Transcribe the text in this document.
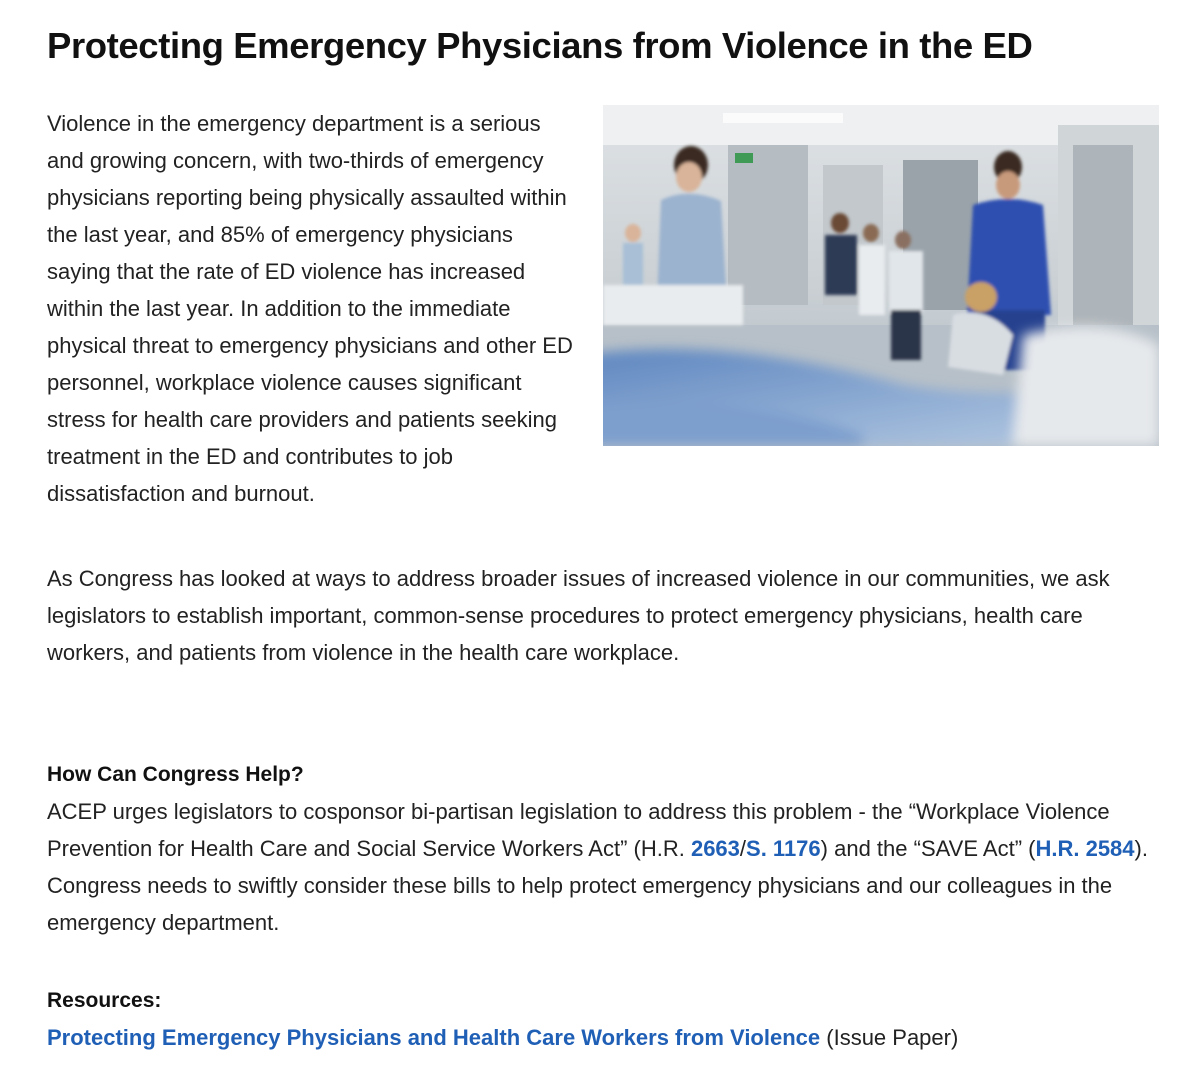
Protecting Emergency Physicians from Violence in the ED

Violence in the emergency department is a serious and growing concern, with two-thirds of emergency physicians reporting being physically assaulted within the last year, and 85% of emergency physicians saying that the rate of ED violence has increased within the last year. In addition to the immediate physical threat to emergency physicians and other ED personnel, workplace violence causes significant stress for health care providers and patients seeking treatment in the ED and contributes to job dissatisfaction and burnout.

As Congress has looked at ways to address broader issues of increased violence in our communities, we ask legislators to establish important, common-sense procedures to protect emergency physicians, health care workers, and patients from violence in the health care workplace.

How Can Congress Help?

ACEP urges legislators to cosponsor bi-partisan legislation to address this problem - the “Workplace Violence Prevention for Health Care and Social Service Workers Act” (H.R. 2663/S. 1176) and the “SAVE Act” (H.R. 2584). Congress needs to swiftly consider these bills to help protect emergency physicians and our colleagues in the emergency department.

Resources:

Protecting Emergency Physicians and Health Care Workers from Violence (Issue Paper)
